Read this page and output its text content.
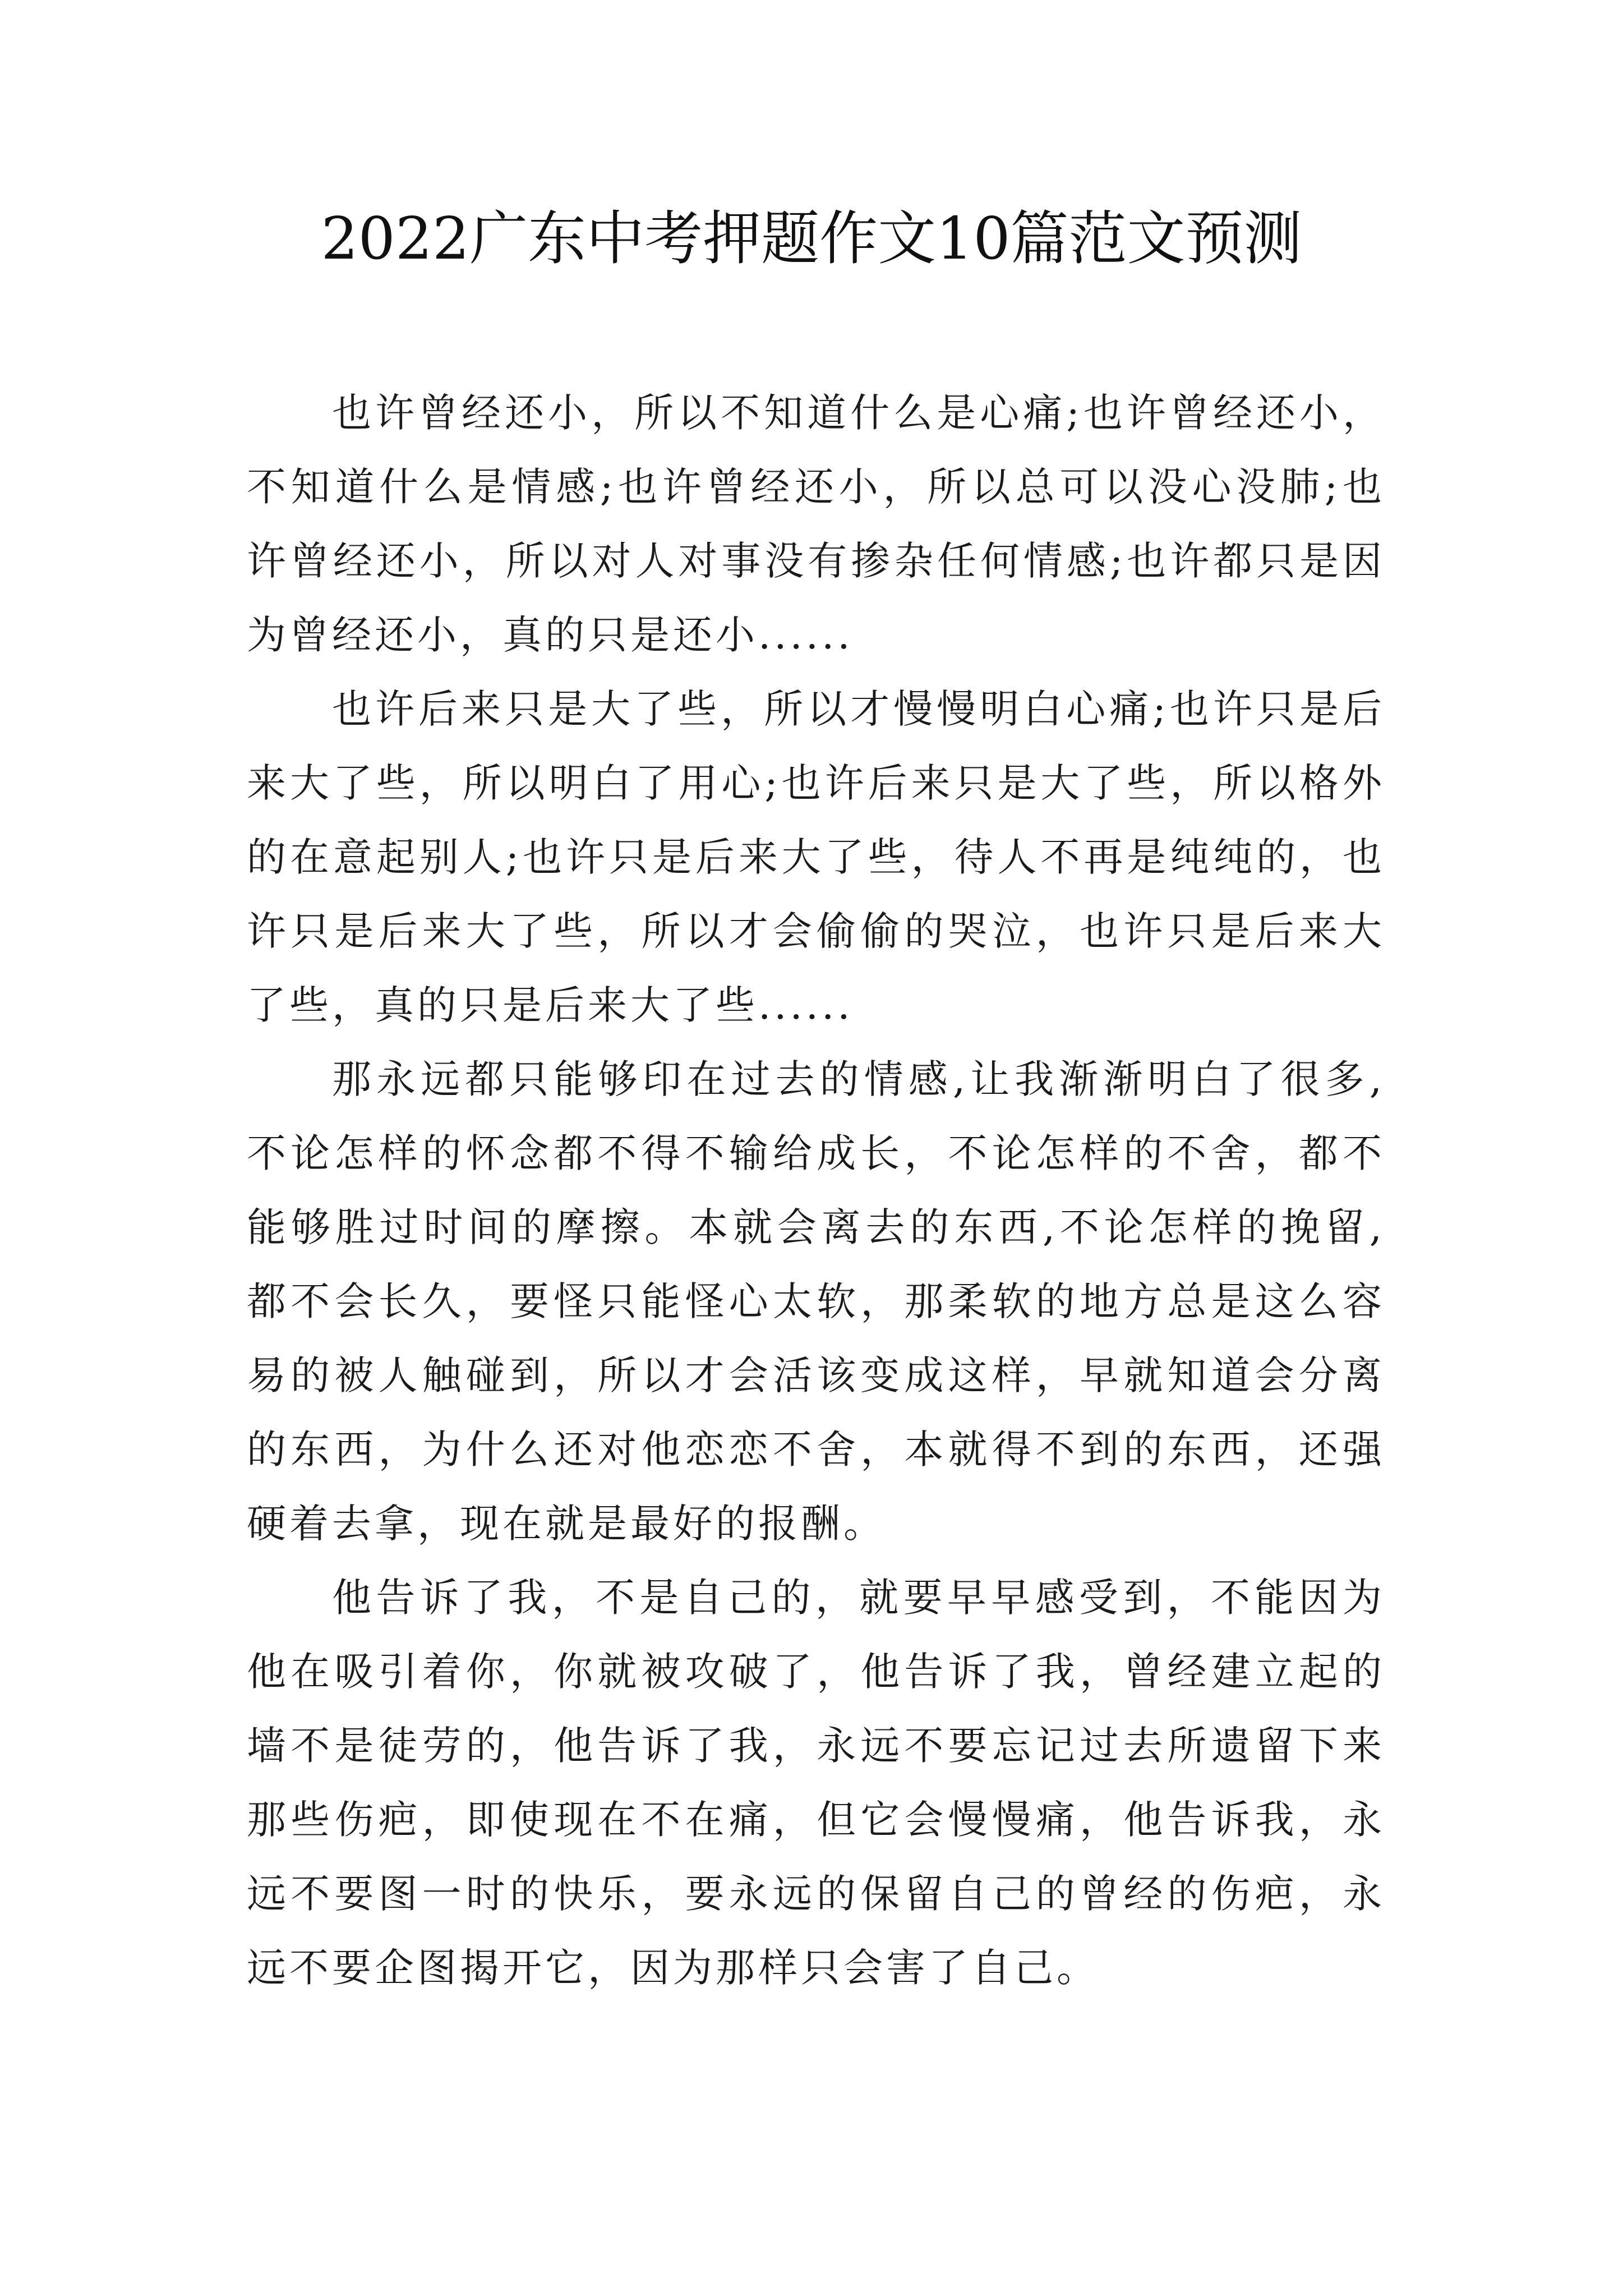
2022广东中考押题作文10篇范文预测

也许曾经还小，所以不知道什么是心痛;也许曾经还小，不知道什么是情感;也许曾经还小，所以总可以没心没肺;也许曾经还小，所以对人对事没有掺杂任何情感;也许都只是因为曾经还小，真的只是还小......

也许后来只是大了些，所以才慢慢明白心痛;也许只是后来大了些，所以明白了用心;也许后来只是大了些，所以格外的在意起别人;也许只是后来大了些，待人不再是纯纯的，也许只是后来大了些，所以才会偷偷的哭泣，也许只是后来大了些，真的只是后来大了些......

那永远都只能够印在过去的情感,让我渐渐明白了很多,不论怎样的怀念都不得不输给成长，不论怎样的不舍，都不能够胜过时间的摩擦。本就会离去的东西,不论怎样的挽留,都不会长久，要怪只能怪心太软，那柔软的地方总是这么容易的被人触碰到，所以才会活该变成这样，早就知道会分离的东西，为什么还对他恋恋不舍，本就得不到的东西，还强硬着去拿，现在就是最好的报酬。

他告诉了我，不是自己的，就要早早感受到，不能因为他在吸引着你，你就被攻破了，他告诉了我，曾经建立起的墙不是徒劳的，他告诉了我，永远不要忘记过去所遗留下来那些伤疤，即使现在不在痛，但它会慢慢痛，他告诉我，永远不要图一时的快乐，要永远的保留自己的曾经的伤疤，永远不要企图揭开它，因为那样只会害了自己。
